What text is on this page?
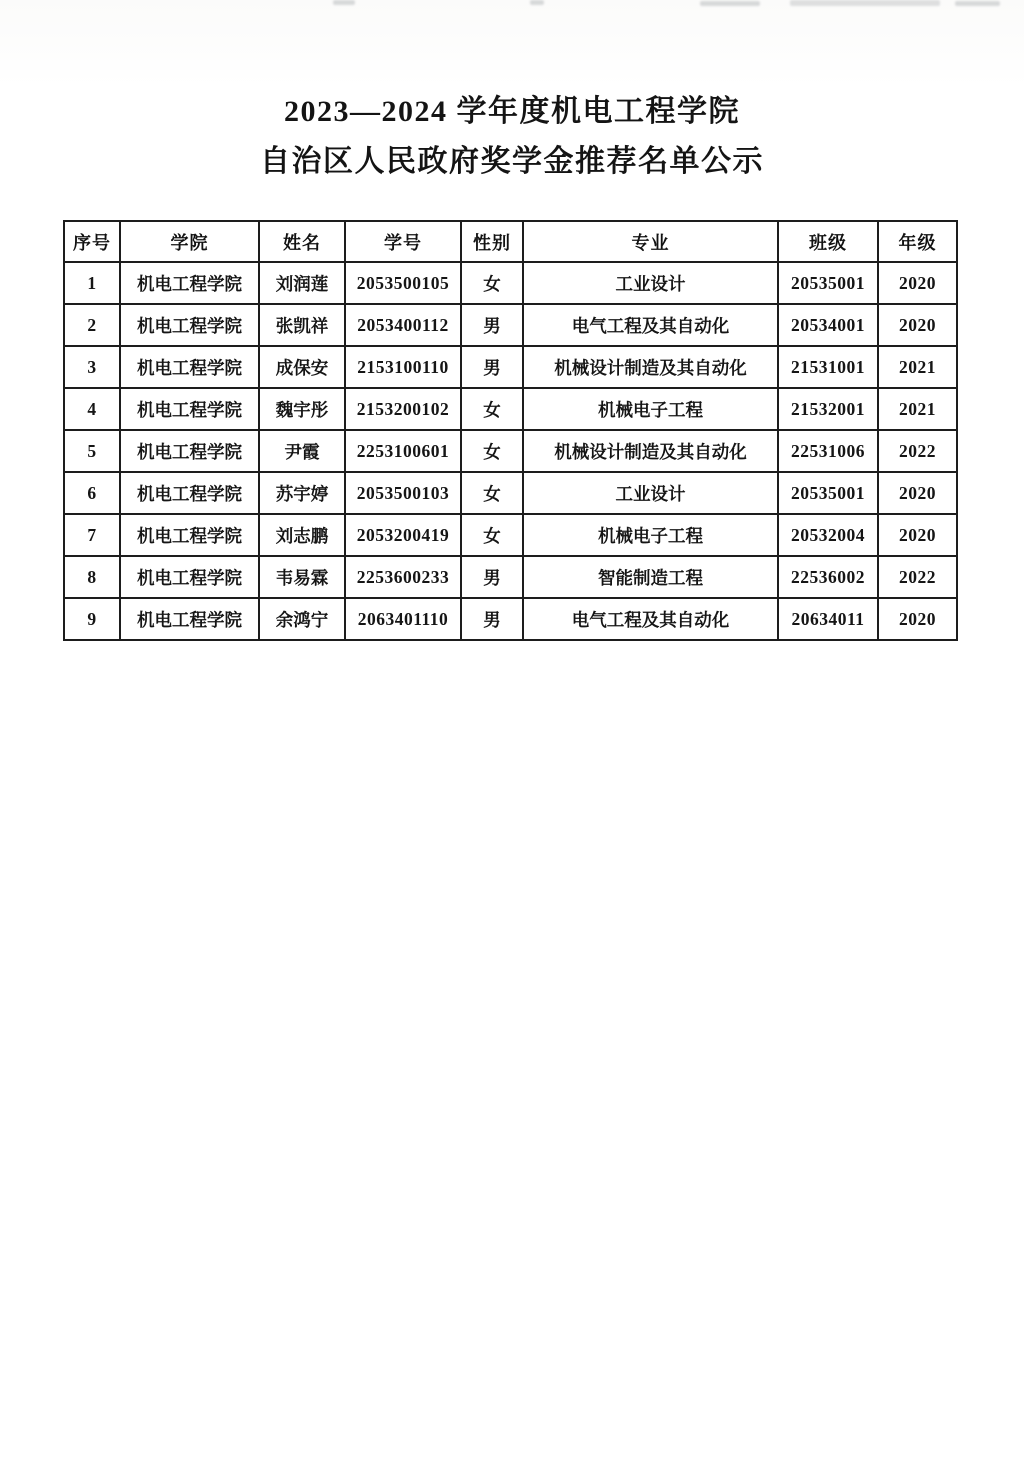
2023—2024 学年度机电工程学院

自治区人民政府奖学金推荐名单公示

序号	学院	姓名	学号	性别	专业	班级	年级
1	机电工程学院	刘润莲	2053500105	女	工业设计	20535001	2020
2	机电工程学院	张凯祥	2053400112	男	电气工程及其自动化	20534001	2020
3	机电工程学院	成保安	2153100110	男	机械设计制造及其自动化	21531001	2021
4	机电工程学院	魏宇彤	2153200102	女	机械电子工程	21532001	2021
5	机电工程学院	尹霞	2253100601	女	机械设计制造及其自动化	22531006	2022
6	机电工程学院	苏宇婷	2053500103	女	工业设计	20535001	2020
7	机电工程学院	刘志鹏	2053200419	女	机械电子工程	20532004	2020
8	机电工程学院	韦易霖	2253600233	男	智能制造工程	22536002	2022
9	机电工程学院	余鸿宁	2063401110	男	电气工程及其自动化	20634011	2020
